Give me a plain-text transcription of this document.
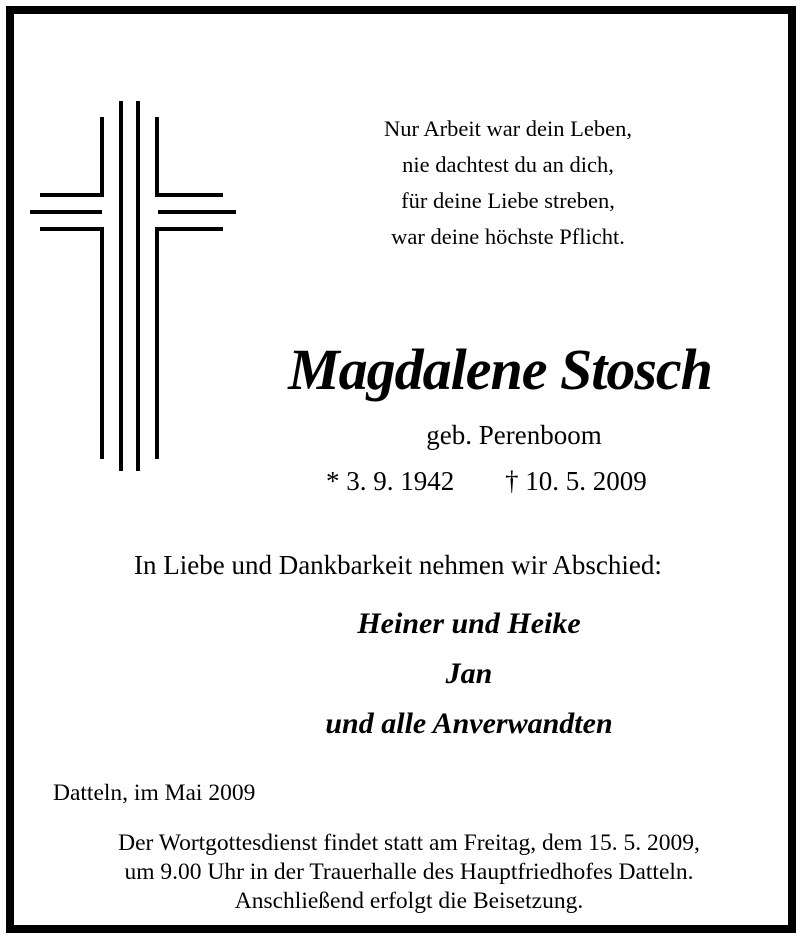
Nur Arbeit war dein Leben,
nie dachtest du an dich,
für deine Liebe streben,
war deine höchste Pflicht.
Magdalene Stosch
geb. Perenboom
* 3. 9. 1942 † 10. 5. 2009
In Liebe und Dankbarkeit nehmen wir Abschied:
Heiner und Heike
Jan
und alle Anverwandten
Datteln, im Mai 2009
Der Wortgottesdienst findet statt am Freitag, dem 15. 5. 2009,
um 9.00 Uhr in der Trauerhalle des Hauptfriedhofes Datteln.
Anschließend erfolgt die Beisetzung.
